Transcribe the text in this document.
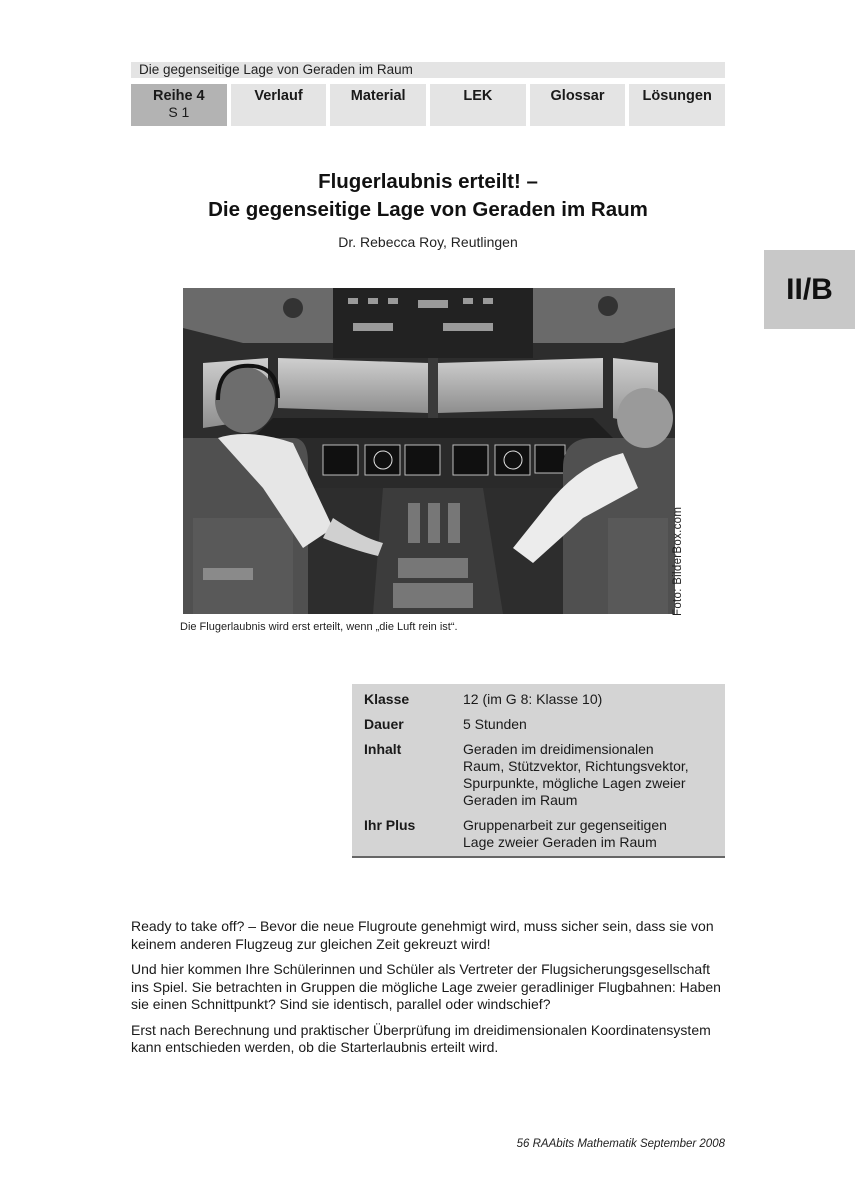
Die gegenseitige Lage von Geraden im Raum
Reihe 4
S 1
Verlauf	Material	LEK	Glossar	Lösungen
II/B
Flugerlaubnis erteilt! –
Die gegenseitige Lage von Geraden im Raum
Dr. Rebecca Roy, Reutlingen
Foto: BilderBox.com
Die Flugerlaubnis wird erst erteilt, wenn „die Luft rein ist“.
Klasse	12 (im G 8: Klasse 10)
Dauer	5 Stunden
Inhalt	Geraden im dreidimensionalen
Raum, Stützvektor, Richtungsvektor,
Spurpunkte, mögliche Lagen zweier
Geraden im Raum
Ihr Plus	Gruppenarbeit zur gegenseitigen
Lage zweier Geraden im Raum

Ready to take off? – Bevor die neue Flugroute genehmigt wird, muss sicher sein, dass sie von keinem anderen Flugzeug zur gleichen Zeit gekreuzt wird!

Und hier kommen Ihre Schülerinnen und Schüler als Vertreter der Flugsicherungsgesellschaft ins Spiel. Sie betrachten in Gruppen die mögliche Lage zweier geradliniger Flugbahnen: Haben sie einen Schnittpunkt? Sind sie identisch, parallel oder windschief?

Erst nach Berechnung und praktischer Überprüfung im dreidimensionalen Koordinatensystem kann entschieden werden, ob die Starterlaubnis erteilt wird.

56 RAAbits Mathematik September 2008
